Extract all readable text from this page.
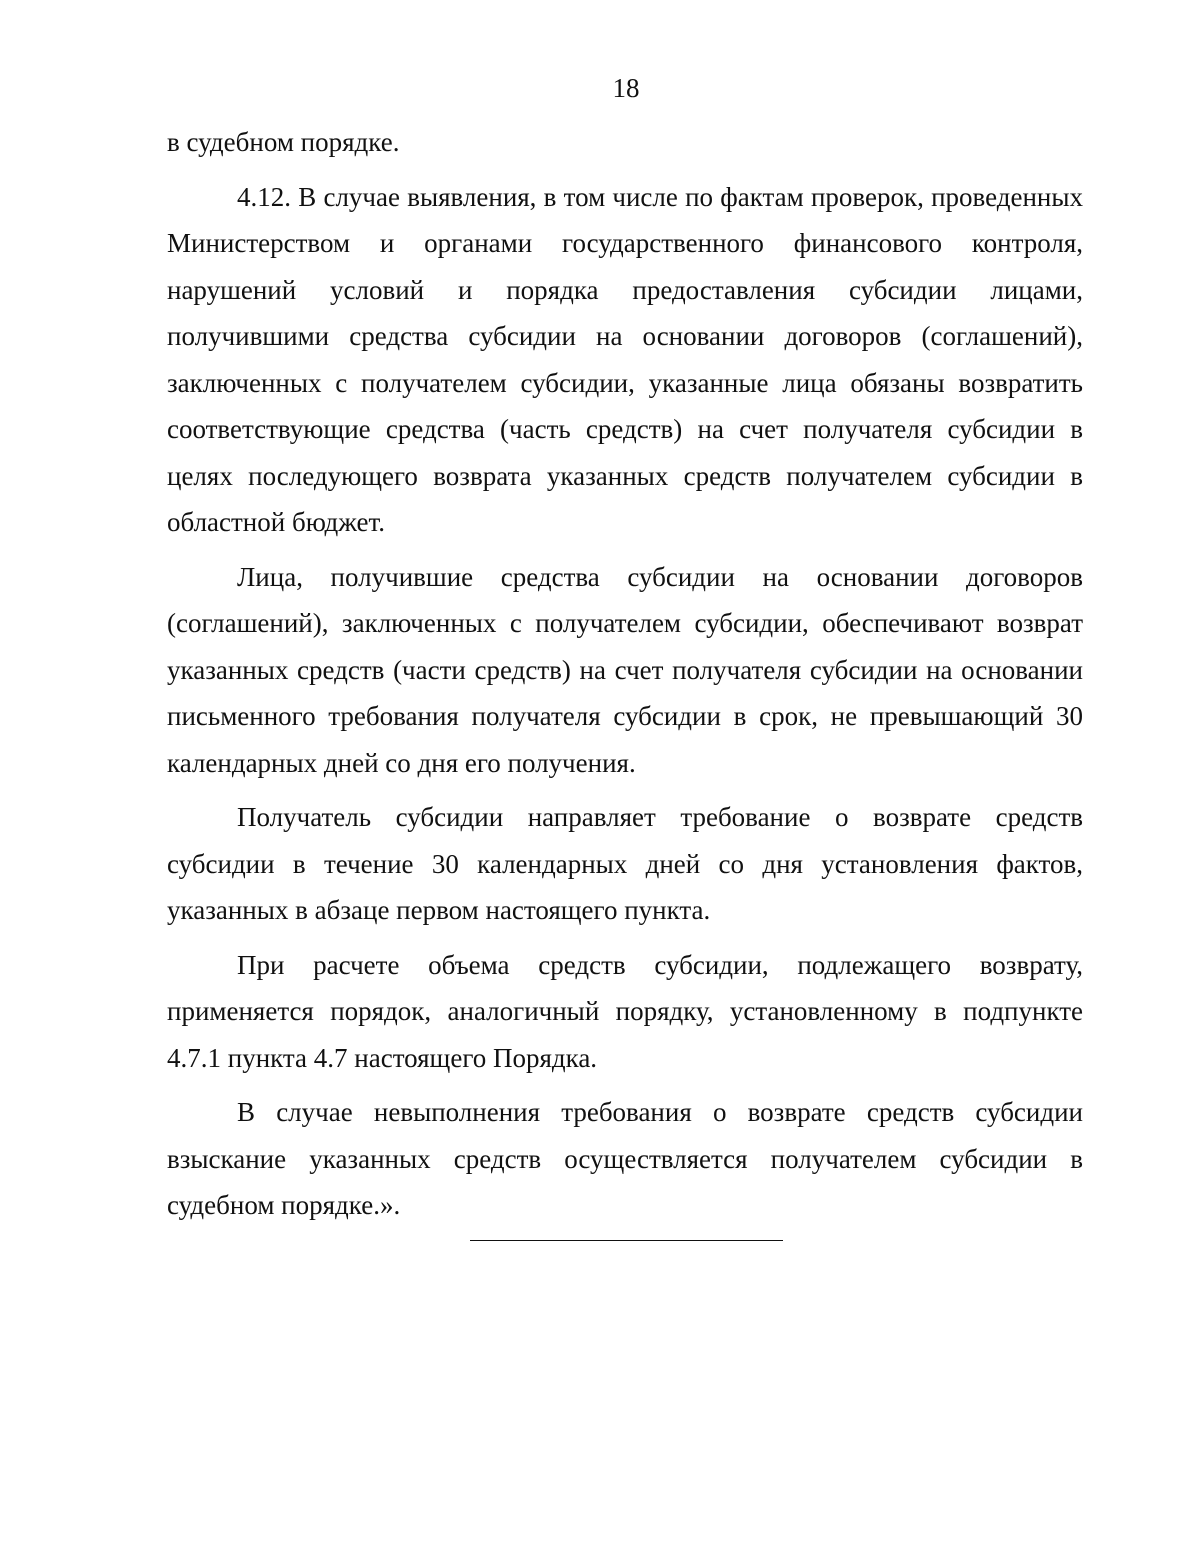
18

в судебном порядке.

4.12. В случае выявления, в том числе по фактам проверок, проведенных Министерством и органами государственного финансового контроля, нарушений условий и порядка предоставления субсидии лицами, получившими средства субсидии на основании договоров (соглашений), заключенных с получателем субсидии, указанные лица обязаны возвратить соответствующие средства (часть средств) на счет получателя субсидии в целях последующего возврата указанных средств получателем субсидии в областной бюджет.

Лица, получившие средства субсидии на основании договоров (соглашений), заключенных с получателем субсидии, обеспечивают возврат указанных средств (части средств) на счет получателя субсидии на основании письменного требования получателя субсидии в срок, не превышающий 30 календарных дней со дня его получения.

Получатель субсидии направляет требование о возврате средств субсидии в течение 30 календарных дней со дня установления фактов, указанных в абзаце первом настоящего пункта.

При расчете объема средств субсидии, подлежащего возврату, применяется порядок, аналогичный порядку, установленному в подпункте 4.7.1 пункта 4.7 настоящего Порядка.

В случае невыполнения требования о возврате средств субсидии взыскание указанных средств осуществляется получателем субсидии в судебном порядке.».
